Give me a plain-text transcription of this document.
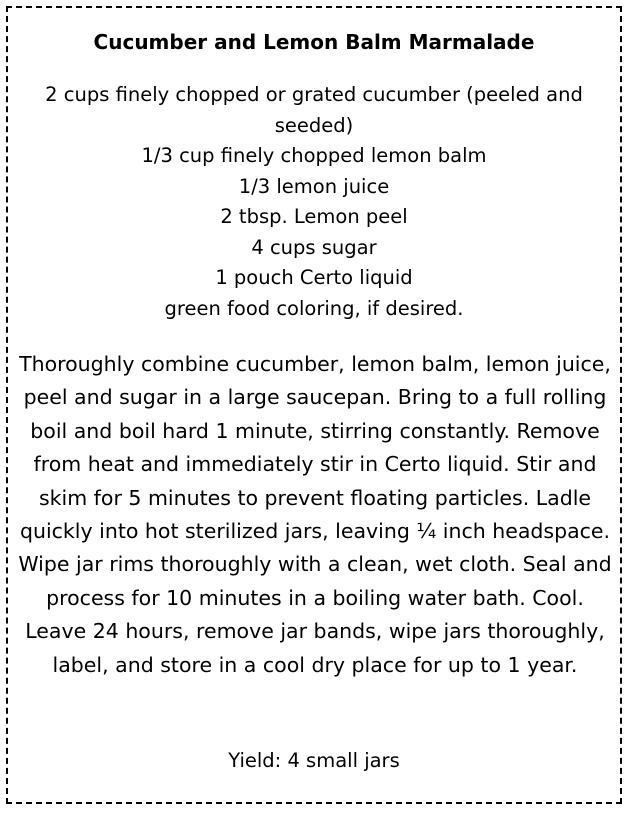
Cucumber and Lemon Balm Marmalade
2 cups finely chopped or grated cucumber (peeled and seeded)
1/3 cup finely chopped lemon balm
1/3 lemon juice
2 tbsp. Lemon peel
4 cups sugar
1 pouch Certo liquid
green food coloring, if desired.

Thoroughly combine cucumber, lemon balm, lemon juice, peel and sugar in a large saucepan. Bring to a full rolling boil and boil hard 1 minute, stirring constantly. Remove from heat and immediately stir in Certo liquid. Stir and skim for 5 minutes to prevent floating particles. Ladle quickly into hot sterilized jars, leaving ¼ inch headspace. Wipe jar rims thoroughly with a clean, wet cloth. Seal and process for 10 minutes in a boiling water bath. Cool. Leave 24 hours, remove jar bands, wipe jars thoroughly, label, and store in a cool dry place for up to 1 year.

Yield: 4 small jars
